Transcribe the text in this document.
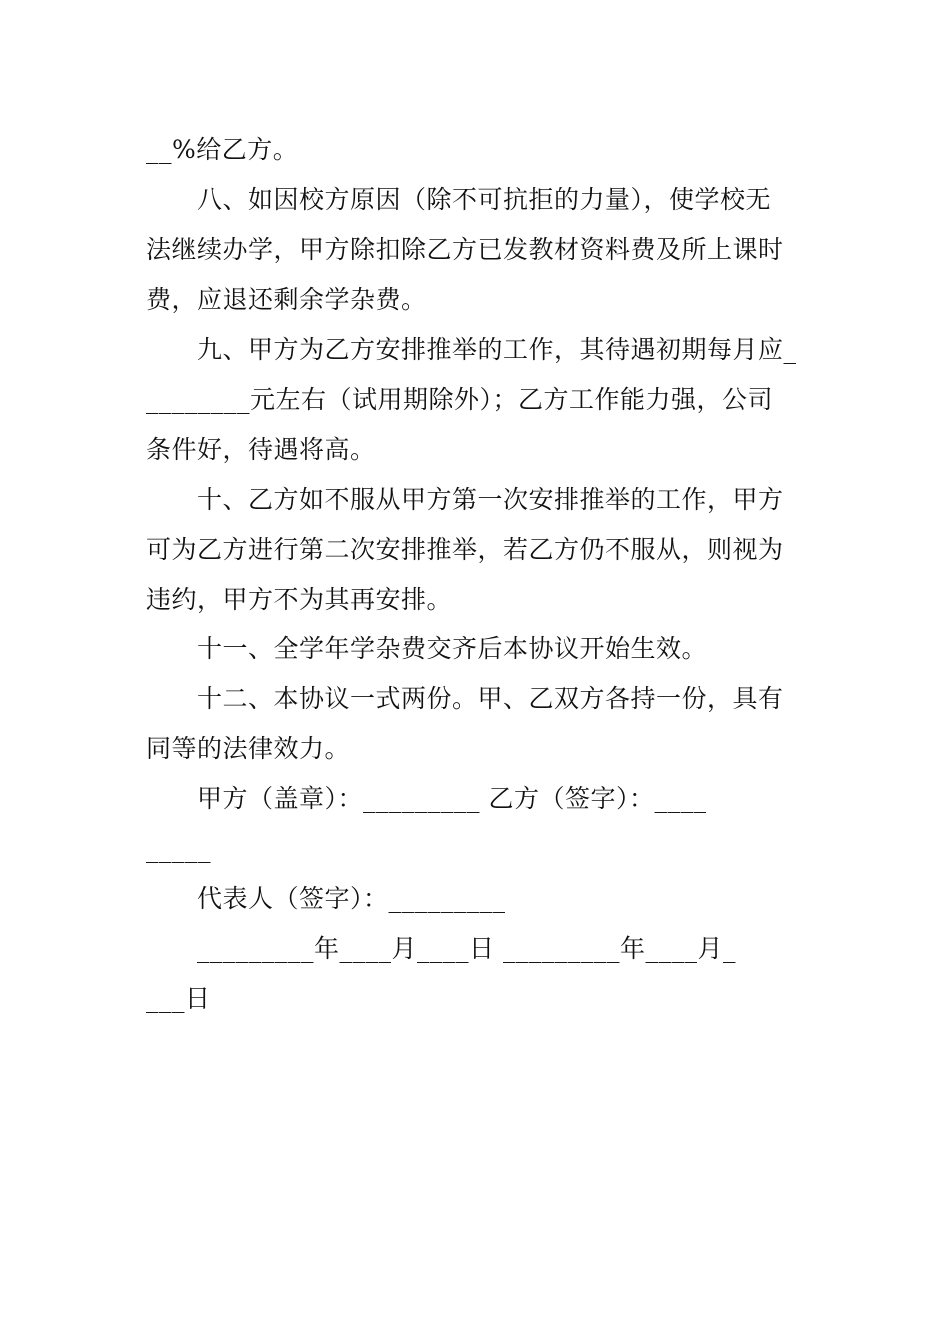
__%给乙方。
八、如因校方原因（除不可抗拒的力量），使学校无
法继续办学，甲方除扣除乙方已发教材资料费及所上课时
费，应退还剩余学杂费。
九、甲方为乙方安排推举的工作，其待遇初期每月应_
________元左右（试用期除外）；乙方工作能力强，公司
条件好，待遇将高。
十、乙方如不服从甲方第一次安排推举的工作，甲方
可为乙方进行第二次安排推举，若乙方仍不服从，则视为
违约，甲方不为其再安排。
十一、全学年学杂费交齐后本协议开始生效。
十二、本协议一式两份。甲、乙双方各持一份，具有
同等的法律效力。
甲方（盖章）：_________ 乙方（签字）：____
_____
代表人（签字）：_________
_________年____月____日 _________年____月_
___日
